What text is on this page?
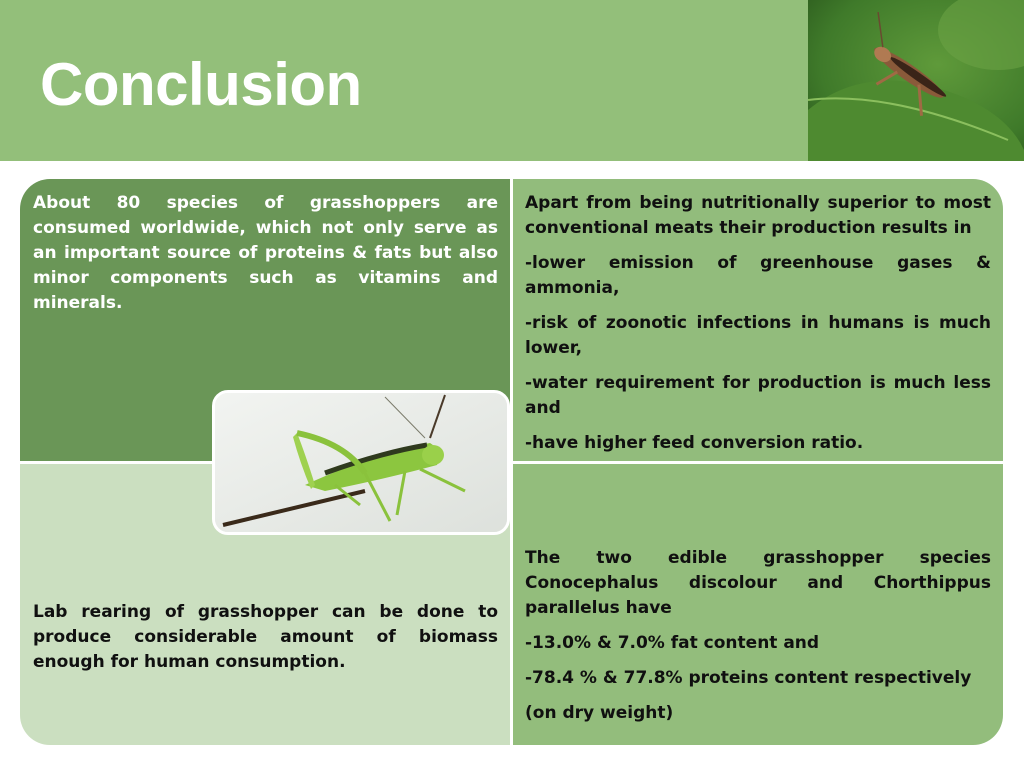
Conclusion

About 80 species of grasshoppers are consumed worldwide, which not only serve as an important source of proteins & fats but also minor components such as vitamins and minerals.

Apart from being nutritionally superior to most conventional meats their production results in

-lower emission of greenhouse gases & ammonia,

-risk of zoonotic infections in humans is much lower,

-water requirement for production is much less and

-have higher feed conversion ratio.

Lab rearing of grasshopper can be done to produce considerable amount of biomass enough for human consumption.

The two edible grasshopper species Conocephalus discolour and Chorthippus parallelus have

-13.0% & 7.0% fat content and

-78.4 % & 77.8% proteins content respectively

(on dry weight)
